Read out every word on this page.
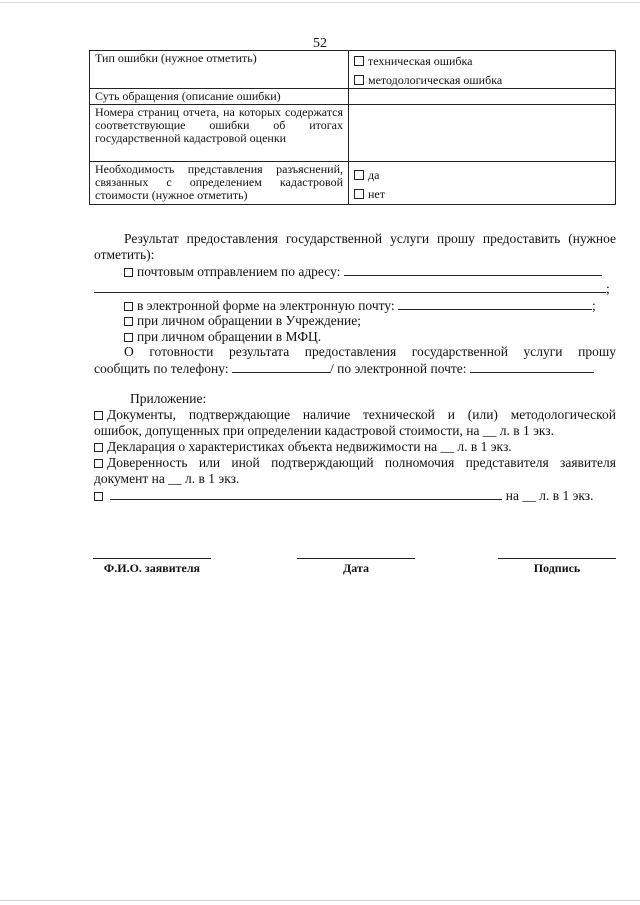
52
Тип ошибки (нужное отметить)	техническая ошибка
методологическая ошибка

Суть обращения (описание ошибки)	
Номера страниц отчета, на которых содержатся соответствующие ошибки об итогах государственной кадастровой оценки	
Необходимость представления разъяснений, связанных с определением кадастровой стоимости (нужное отметить)	да
нет
Результат предоставления государственной услуги прошу предоставить (нужное отметить):
почтовым отправлением по адресу:
;
в электронной форме на электронную почту:	;
при личном обращении в Учреждение;
при личном обращении в МФЦ.
О готовности результата предоставления государственной услуги прошу
сообщить по телефону:	/ по электронной почте:
Приложение:
Документы, подтверждающие наличие технической и (или) методологической
ошибок, допущенных при определении кадастровой стоимости, на __ л. в 1 экз.
Декларация о характеристиках объекта недвижимости на __ л. в 1 экз.
Доверенность или иной подтверждающий полномочия представителя заявителя
документ на __ л. в 1 экз.
на __ л. в 1 экз.
Ф.И.О. заявителя	Дата	Подпись
